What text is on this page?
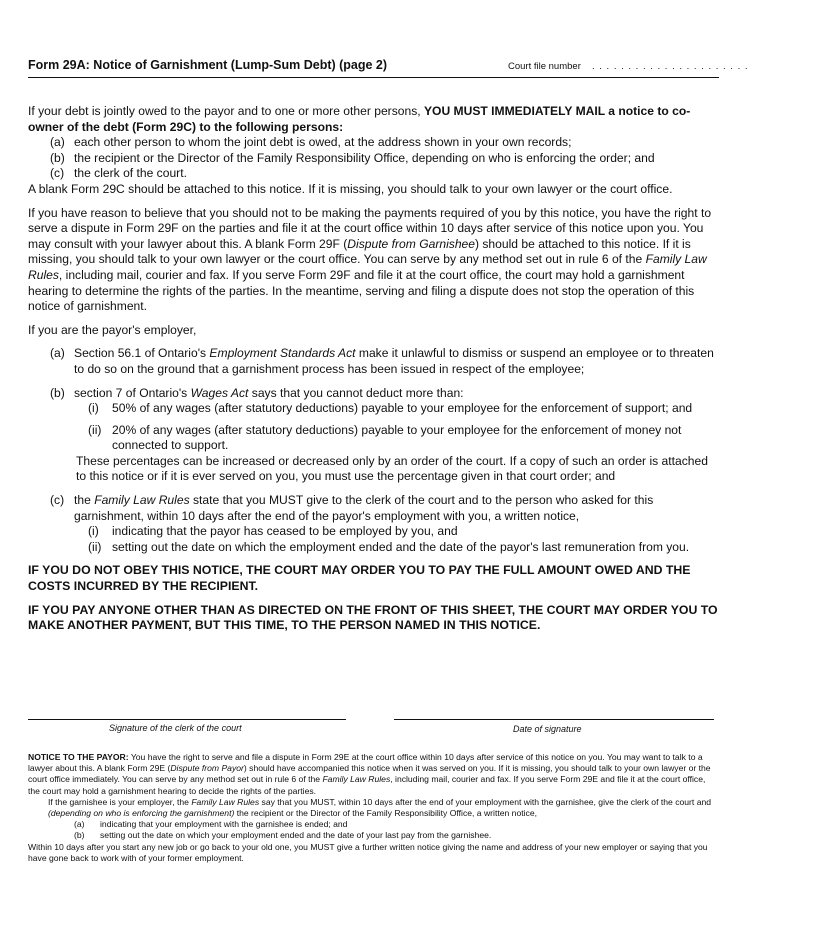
Form 29A: Notice of Garnishment (Lump-Sum Debt) (page 2)	Court file number . . . . . . . . . . . . . . . . . . . . . .

If your debt is jointly owed to the payor and to one or more other persons, YOU MUST IMMEDIATELY MAIL a notice to co-owner of the debt (Form 29C) to the following persons:

(a) each other person to whom the joint debt is owed, at the address shown in your own records;
(b) the recipient or the Director of the Family Responsibility Office, depending on who is enforcing the order; and
(c) the clerk of the court.

A blank Form 29C should be attached to this notice. If it is missing, you should talk to your own lawyer or the court office.

If you have reason to believe that you should not to be making the payments required of you by this notice, you have the right to serve a dispute in Form 29F on the parties and file it at the court office within 10 days after service of this notice upon you. You may consult with your lawyer about this. A blank Form 29F (Dispute from Garnishee) should be attached to this notice. If it is missing, you should talk to your own lawyer or the court office. You can serve by any method set out in rule 6 of the Family Law Rules, including mail, courier and fax. If you serve Form 29F and file it at the court office, the court may hold a garnishment hearing to determine the rights of the parties. In the meantime, serving and filing a dispute does not stop the operation of this notice of garnishment.

If you are the payor's employer,

(a) Section 56.1 of Ontario's Employment Standards Act make it unlawful to dismiss or suspend an employee or to threaten to do so on the ground that a garnishment process has been issued in respect of the employee;
(b) section 7 of Ontario's Wages Act says that you cannot deduct more than:
(i)	50% of any wages (after statutory deductions) payable to your employee for the enforcement of support; and
(ii) 20% of any wages (after statutory deductions) payable to your employee for the enforcement of money not connected to support.

These percentages can be increased or decreased only by an order of the court. If a copy of such an order is attached to this notice or if it is ever served on you, you must use the percentage given in that court order; and

(c) the Family Law Rules state that you MUST give to the clerk of the court and to the person who asked for this garnishment, within 10 days after the end of the payor's employment with you, a written notice,
(i)	indicating that the payor has ceased to be employed by you, and
(ii) setting out the date on which the employment ended and the date of the payor's last remuneration from you.

IF YOU DO NOT OBEY THIS NOTICE, THE COURT MAY ORDER YOU TO PAY THE FULL AMOUNT OWED AND THE COSTS INCURRED BY THE RECIPIENT.

IF YOU PAY ANYONE OTHER THAN AS DIRECTED ON THE FRONT OF THIS SHEET, THE COURT MAY ORDER YOU TO MAKE ANOTHER PAYMENT, BUT THIS TIME, TO THE PERSON NAMED IN THIS NOTICE.

Signature of the clerk of the court	Date of signature

NOTICE TO THE PAYOR: You have the right to serve and file a dispute in Form 29E at the court office within 10 days after service of this notice on you. You may want to talk to a lawyer about this. A blank Form 29E (Dispute from Payor) should have accompanied this notice when it was served on you. If it is missing, you should talk to your own lawyer or the court office immediately. You can serve by any method set out in rule 6 of the Family Law Rules, including mail, courier and fax. If you serve Form 29E and file it at the court office, the court may hold a garnishment hearing to decide the rights of the parties.

If the garnishee is your employer, the Family Law Rules say that you MUST, within 10 days after the end of your employment with the garnishee, give the clerk of the court and (depending on who is enforcing the garnishment) the recipient or the Director of the Family Responsibility Office, a written notice,

(a)	indicating that your employment with the garnishee is ended; and
(b)	setting out the date on which your employment ended and the date of your last pay from the garnishee.

Within 10 days after you start any new job or go back to your old one, you MUST give a further written notice giving the name and address of your new employer or saying that you have gone back to work with of your former employment.
